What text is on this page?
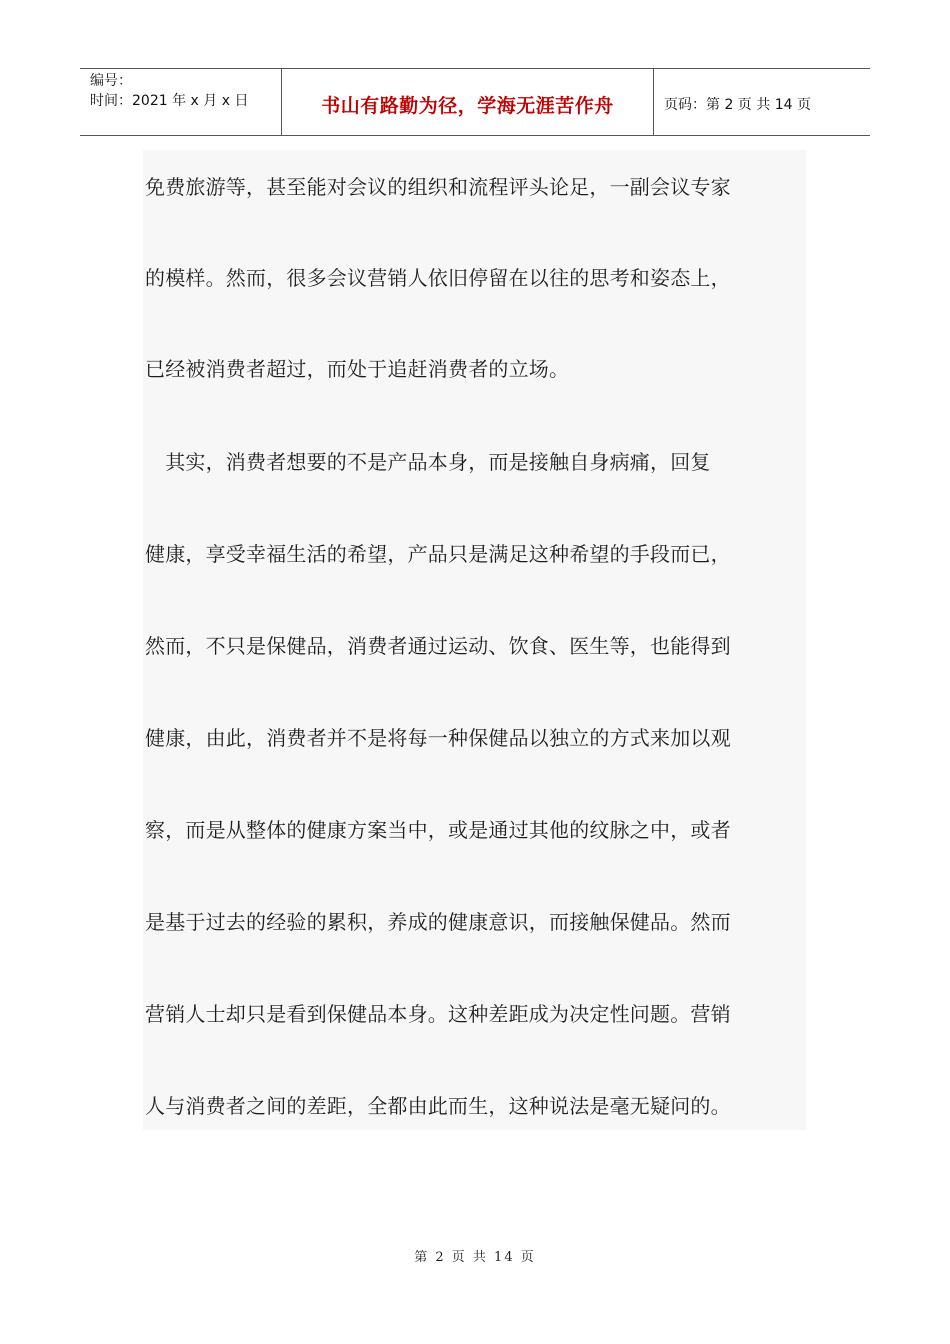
编号：
时间：2021 年 x 月 x 日	书山有路勤为径，学海无涯苦作舟	页码：第 2 页 共 14 页
免费旅游等，甚至能对会议的组织和流程评头论足，一副会议专家
的模样。然而，很多会议营销人依旧停留在以往的思考和姿态上，
已经被消费者超过，而处于追赶消费者的立场。
　其实，消费者想要的不是产品本身，而是接触自身病痛，回复
健康，享受幸福生活的希望，产品只是满足这种希望的手段而已，
然而，不只是保健品，消费者通过运动、饮食、医生等，也能得到
健康，由此，消费者并不是将每一种保健品以独立的方式来加以观
察，而是从整体的健康方案当中，或是通过其他的纹脉之中，或者
是基于过去的经验的累积，养成的健康意识，而接触保健品。然而
营销人士却只是看到保健品本身。这种差距成为决定性问题。营销
人与消费者之间的差距，全都由此而生，这种说法是毫无疑问的。
第 2 页 共 14 页
